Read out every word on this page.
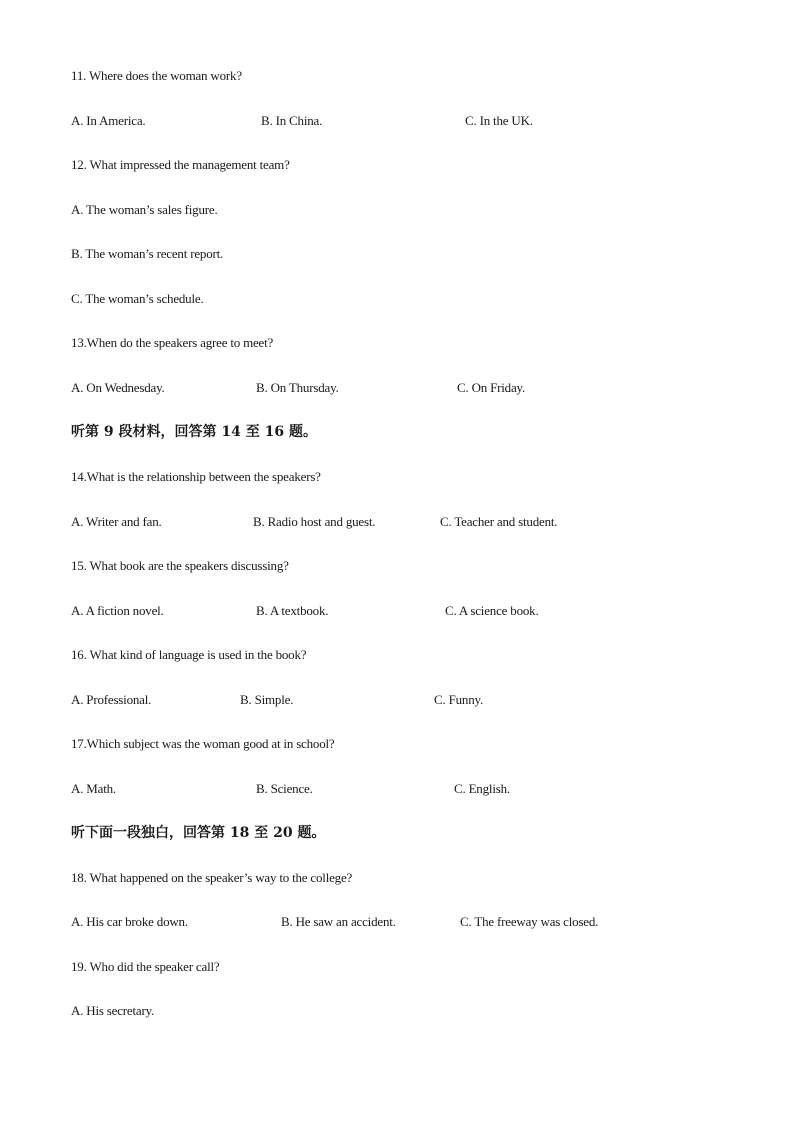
11. Where does the woman work?
A. In America.	B. In China.	C. In the UK.
12. What impressed the management team?
A. The woman’s sales figure.
B. The woman’s recent report.
C. The woman’s schedule.
13.When do the speakers agree to meet?
A. On Wednesday.	B. On Thursday.	C. On Friday.
听第 9 段材料，回答第 14 至 16 题。
14.What is the relationship between the speakers?
A. Writer and fan.	B. Radio host and guest.	C. Teacher and student.
15. What book are the speakers discussing?
A. A fiction novel.	B. A textbook.	C. A science book.
16. What kind of language is used in the book?
A. Professional.	B. Simple.	C. Funny.
17.Which subject was the woman good at in school?
A. Math.	B. Science.	C. English.
听下面一段独白，回答第 18 至 20 题。
18. What happened on the speaker’s way to the college?
A. His car broke down.	B. He saw an accident.	C. The freeway was closed.
19. Who did the speaker call?
A. His secretary.
